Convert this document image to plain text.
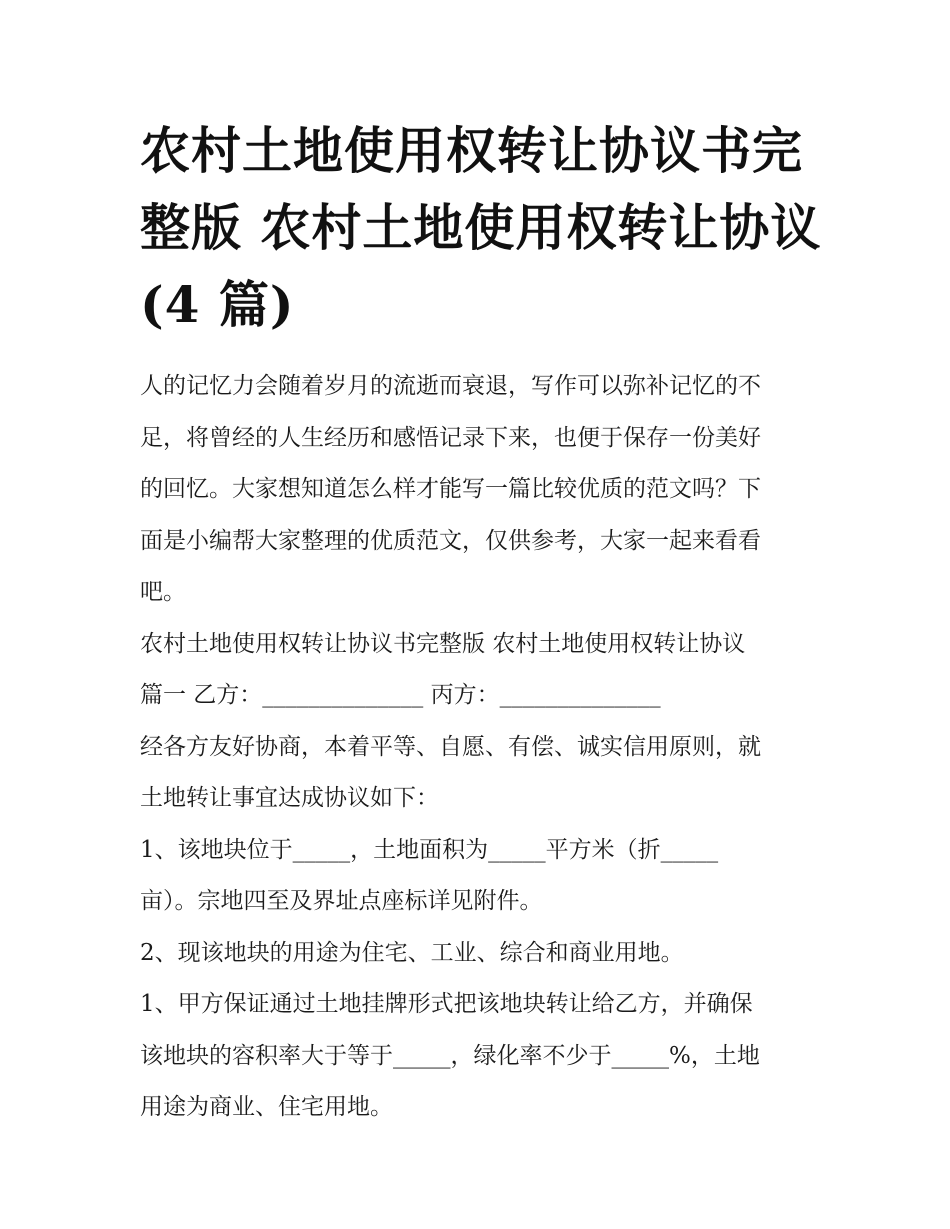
农村土地使用权转让协议书完
整版 农村土地使用权转让协议
(4 篇)
人的记忆力会随着岁月的流逝而衰退，写作可以弥补记忆的不
足，将曾经的人生经历和感悟记录下来，也便于保存一份美好
的回忆。大家想知道怎么样才能写一篇比较优质的范文吗？下
面是小编帮大家整理的优质范文，仅供参考，大家一起来看看
吧。
农村土地使用权转让协议书完整版 农村土地使用权转让协议
篇一 乙方：______________ 丙方：______________
经各方友好协商，本着平等、自愿、有偿、诚实信用原则，就
土地转让事宜达成协议如下：
1、该地块位于_____，土地面积为_____平方米（折_____
亩）。宗地四至及界址点座标详见附件。
2、现该地块的用途为住宅、工业、综合和商业用地。
1、甲方保证通过土地挂牌形式把该地块转让给乙方，并确保
该地块的容积率大于等于_____，绿化率不少于_____%，土地
用途为商业、住宅用地。
